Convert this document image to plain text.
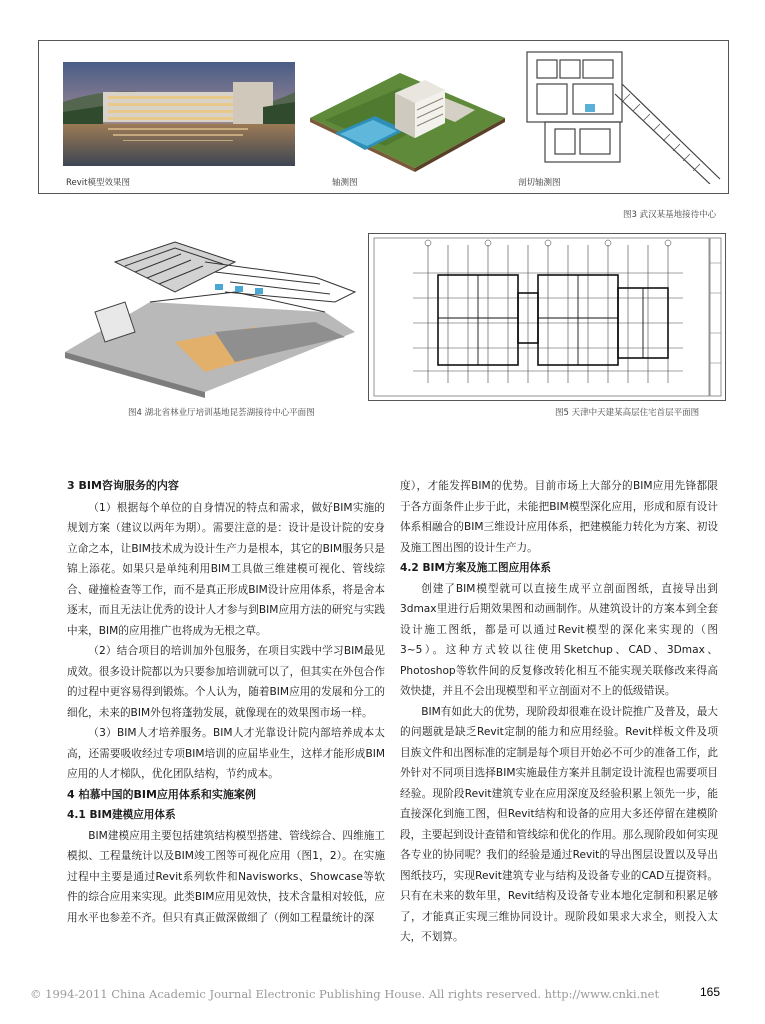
Revit模型效果图	轴测图	剖切轴测图
图3 武汉某基地接待中心
图4 湖北省林业厅培训基地昆荟湖接待中心平面图	图5 天津中天建某高层住宅首层平面图

3 BIM咨询服务的内容

（1）根据每个单位的自身情况的特点和需求，做好BIM实施的规划方案（建议以两年为期）。需要注意的是：设计是设计院的安身立命之本，让BIM技术成为设计生产力是根本，其它的BIM服务只是锦上添花。如果只是单纯利用BIM工具做三维建模可视化、管线综合、碰撞检查等工作，而不是真正形成BIM设计应用体系，将是舍本逐末，而且无法让优秀的设计人才参与到BIM应用方法的研究与实践中来，BIM的应用推广也将成为无根之草。

（2）结合项目的培训加外包服务，在项目实践中学习BIM最见成效。很多设计院都以为只要参加培训就可以了，但其实在外包合作的过程中更容易得到锻炼。个人认为，随着BIM应用的发展和分工的细化，未来的BIM外包将蓬勃发展，就像现在的效果图市场一样。

（3）BIM人才培养服务。BIM人才光靠设计院内部培养成本太高，还需要吸收经过专项BIM培训的应届毕业生，这样才能形成BIM应用的人才梯队，优化团队结构，节约成本。

4 柏慕中国的BIM应用体系和实施案例

4.1 BIM建模应用体系

BIM建模应用主要包括建筑结构模型搭建、管线综合、四维施工模拟、工程量统计以及BIM竣工图等可视化应用（图1，2）。在实施过程中主要是通过Revit系列软件和Navisworks、Showcase等软件的综合应用来实现。此类BIM应用见效快，技术含量相对较低，应用水平也参差不齐。但只有真正做深做细了（例如工程量统计的深

度），才能发挥BIM的优势。目前市场上大部分的BIM应用先锋都限于各方面条件止步于此，未能把BIM模型深化应用，形成和原有设计体系相融合的BIM三维设计应用体系，把建模能力转化为方案、初设及施工图出图的设计生产力。

4.2 BIM方案及施工图应用体系

创建了BIM模型就可以直接生成平立剖面图纸，直接导出到3dmax里进行后期效果图和动画制作。从建筑设计的方案本到全套设计施工图纸，都是可以通过Revit模型的深化来实现的（图3~5）。这种方式较以往使用Sketchup、CAD、3Dmax、Photoshop等软件间的反复修改转化相互不能实现关联修改来得高效快捷，并且不会出现模型和平立剖面对不上的低级错误。

BIM有如此大的优势，现阶段却很难在设计院推广及普及，最大的问题就是缺乏Revit定制的能力和应用经验。Revit样板文件及项目族文件和出图标准的定制是每个项目开始必不可少的准备工作，此外针对不同项目选择BIM实施最佳方案并且制定设计流程也需要项目经验。现阶段Revit建筑专业在应用深度及经验积累上领先一步，能直接深化到施工图，但Revit结构和设备的应用大多还停留在建模阶段，主要起到设计查错和管线综和优化的作用。那么现阶段如何实现各专业的协同呢？我们的经验是通过Revit的导出图层设置以及导出图纸技巧，实现Revit建筑专业与结构及设备专业的CAD互提资料。只有在未来的数年里，Revit结构及设备专业本地化定制和积累足够了，才能真正实现三维协同设计。现阶段如果求大求全，则投入太大，不划算。

© 1994-2011 China Academic Journal Electronic Publishing House. All rights reserved. http://www.cnki.net	165
